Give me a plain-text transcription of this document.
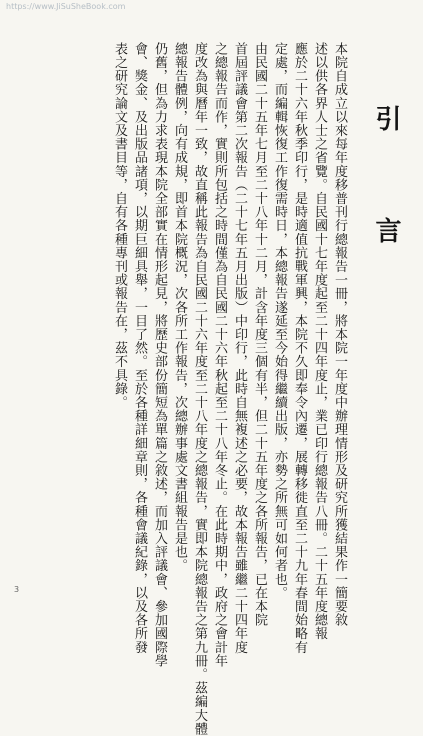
https://www.JiSuSheBook.com
引　言
本院自成立以來每年度移普刊行總報告一冊，將本院一年度中辦理情形及研究所獲結果作一簡要敘
述以供各界人士之省覽。自民國十七年度起至二十四年度止，業已印行總報告八冊。二十五年度總報
應於二十六年秋季印行，是時適值抗戰軍興，本院不久即奉令內遷，展轉移徙直至二十九年春間始略有
定處，而編輯恢復工作復需時日，本總報告遂延至今始得繼續出版，亦勢之所無可如何者也。
由民國二十五年七月至二十八年十二月，計含年度三個有半，但二十五年度之各所報告，已在本院
首屆評議會第二次報告（二十七年五月出版）中印行，此時自無複述之必要，故本報告雖繼二十四年度
之總報告而作，實則所包括之時間僅為自民國二十六年秋起至二十八年冬止。在此時期中，政府之會計年
度改為與曆年一致，故直稱此報告為自民國二十六年度至二十八年度之總報告，實即本院總報告之第九冊。茲編大體
總報告體例，向有成規，即首本院概況，次各所工作報告，次總辦事處文書組報告是也。
仍舊，但為力求表現本院全部實在情形起見，將歷史部份簡短為單篇之敘述，而加入評議會、參加國際學
會、獎金、及出版品諸項，以期巨細具舉，一目了然。至於各種詳細章則，各種會議紀錄，以及各所發
表之研究論文及書目等，自有各種專刊或報告在，茲不具錄。
3
